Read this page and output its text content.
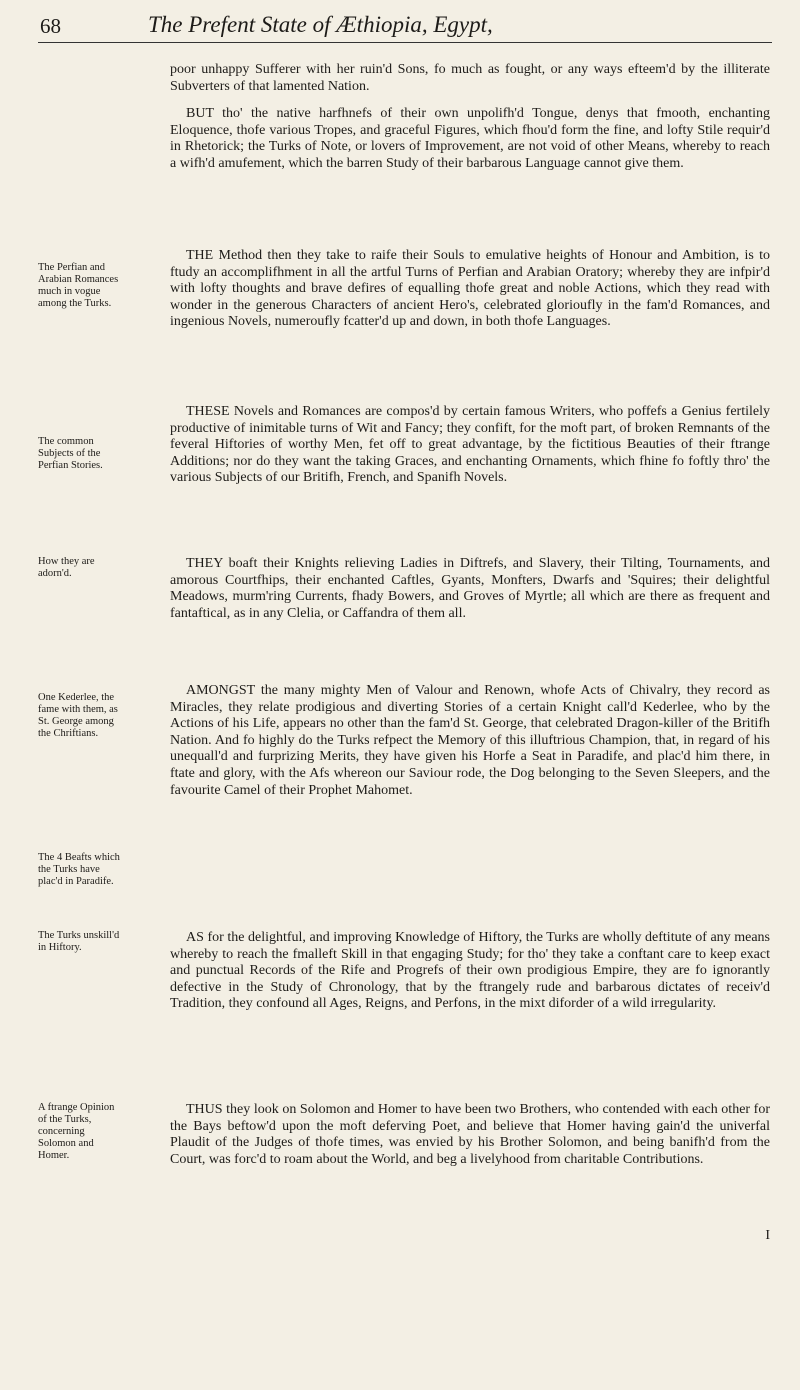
68	The Prefent State of Æthiopia, Egypt,

poor unhappy Sufferer with her ruin'd Sons, fo much as fought, or any ways efteem'd by the illiterate Subverters of that lamented Nation.

BUT tho' the native harfhnefs of their own unpolifh'd Tongue, denys that fmooth, enchanting Eloquence, thofe various Tropes, and graceful Figures, which fhou'd form the fine, and lofty Stile requir'd in Rhetorick; the Turks of Note, or lovers of Improvement, are not void of other Means, whereby to reach a wifh'd amufement, which the barren Study of their barbarous Language cannot give them.

THE Method then they take to raife their Souls to emulative heights of Honour and Ambition, is to ftudy an accomplifhment in all the artful Turns of Perfian and Arabian Oratory; whereby they are infpir'd with lofty thoughts and brave defires of equalling thofe great and noble Actions, which they read with wonder in the generous Characters of ancient Hero's, celebrated glorioufly in the fam'd Romances, and ingenious Novels, numeroufly fcatter'd up and down, in both thofe Languages.

THESE Novels and Romances are compos'd by certain famous Writers, who poffefs a Genius fertilely productive of inimitable turns of Wit and Fancy; they confift, for the moft part, of broken Remnants of the feveral Hiftories of worthy Men, fet off to great advantage, by the fictitious Beauties of their ftrange Additions; nor do they want the taking Graces, and enchanting Ornaments, which fhine fo foftly thro' the various Subjects of our Britifh, French, and Spanifh Novels.

THEY boaft their Knights relieving Ladies in Diftrefs, and Slavery, their Tilting, Tournaments, and amorous Courtfhips, their enchanted Caftles, Gyants, Monfters, Dwarfs and 'Squires; their delightful Meadows, murm'ring Currents, fhady Bowers, and Groves of Myrtle; all which are there as frequent and fantaftical, as in any Clelia, or Caffandra of them all.

AMONGST the many mighty Men of Valour and Renown, whofe Acts of Chivalry, they record as Miracles, they relate prodigious and diverting Stories of a certain Knight call'd Kederlee, who by the Actions of his Life, appears no other than the fam'd St. George, that celebrated Dragon-killer of the Britifh Nation. And fo highly do the Turks refpect the Memory of this illuftrious Champion, that, in regard of his unequall'd and furprizing Merits, they have given his Horfe a Seat in Paradife, and plac'd him there, in ftate and glory, with the Afs whereon our Saviour rode, the Dog belonging to the Seven Sleepers, and the favourite Camel of their Prophet Mahomet.

AS for the delightful, and improving Knowledge of Hiftory, the Turks are wholly deftitute of any means whereby to reach the fmalleft Skill in that engaging Study; for tho' they take a conftant care to keep exact and punctual Records of the Rife and Progrefs of their own prodigious Empire, they are fo ignorantly defective in the Study of Chronology, that by the ftrangely rude and barbarous dictates of receiv'd Tradition, they confound all Ages, Reigns, and Perfons, in the mixt diforder of a wild irregularity.

THUS they look on Solomon and Homer to have been two Brothers, who contended with each other for the Bays beftow'd upon the moft deferving Poet, and believe that Homer having gain'd the univerfal Plaudit of the Judges of thofe times, was envied by his Brother Solomon, and being banifh'd from the Court, was forc'd to roam about the World, and beg a livelyhood from charitable Contributions.

I

The Perfian and Arabian Romances much in vogue among the Turks.
The common Subjects of the Perfian Stories.
How they are adorn'd.
One Kederlee, the fame with them, as St. George among the Chriftians.
The 4 Beafts which the Turks have plac'd in Paradife.
The Turks unskill'd in Hiftory.
A ftrange Opinion of the Turks, concerning Solomon and Homer.
